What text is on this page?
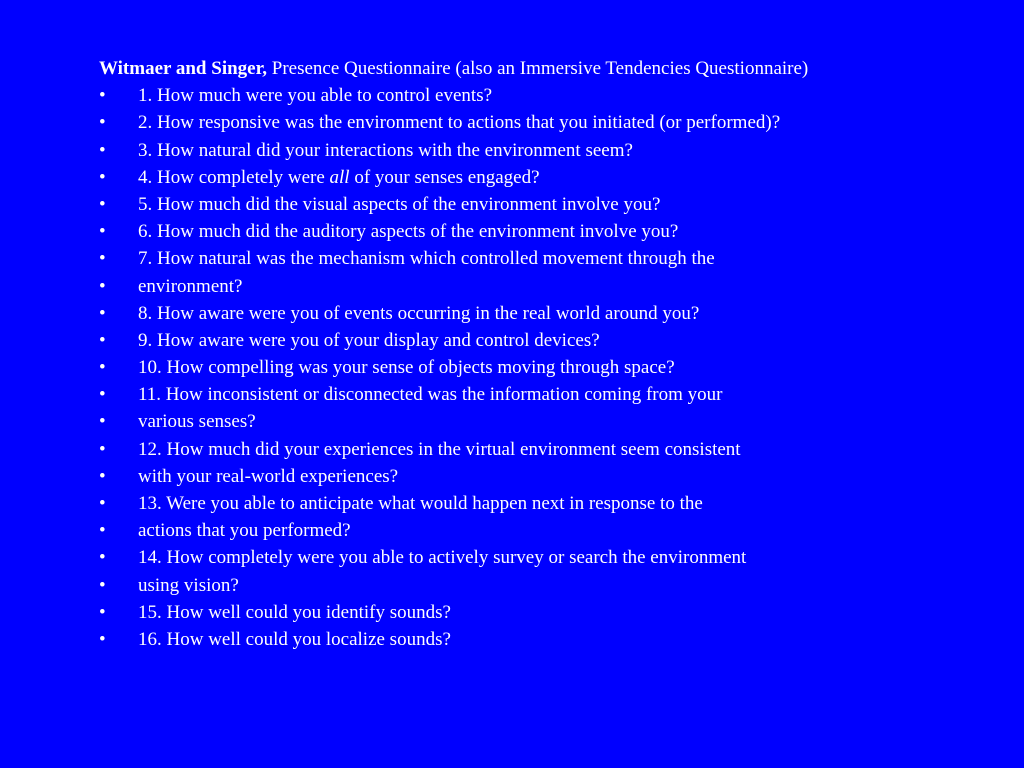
Witmaer and Singer, Presence Questionnaire (also an Immersive Tendencies Questionnaire)
•	1. How much were you able to control events?
•	2. How responsive was the environment to actions that you initiated (or performed)?
•	3. How natural did your interactions with the environment seem?
•	4. How completely were all of your senses engaged?
•	5. How much did the visual aspects of the environment involve you?
•	6. How much did the auditory aspects of the environment involve you?
•	7. How natural was the mechanism which controlled movement through the
•	environment?
•	8. How aware were you of events occurring in the real world around you?
•	9. How aware were you of your display and control devices?
•	10. How compelling was your sense of objects moving through space?
•	11. How inconsistent or disconnected was the information coming from your
•	various senses?
•	12. How much did your experiences in the virtual environment seem consistent
•	with your real-world experiences?
•	13. Were you able to anticipate what would happen next in response to the
•	actions that you performed?
•	14. How completely were you able to actively survey or search the environment
•	using vision?
•	15. How well could you identify sounds?
•	16. How well could you localize sounds?
